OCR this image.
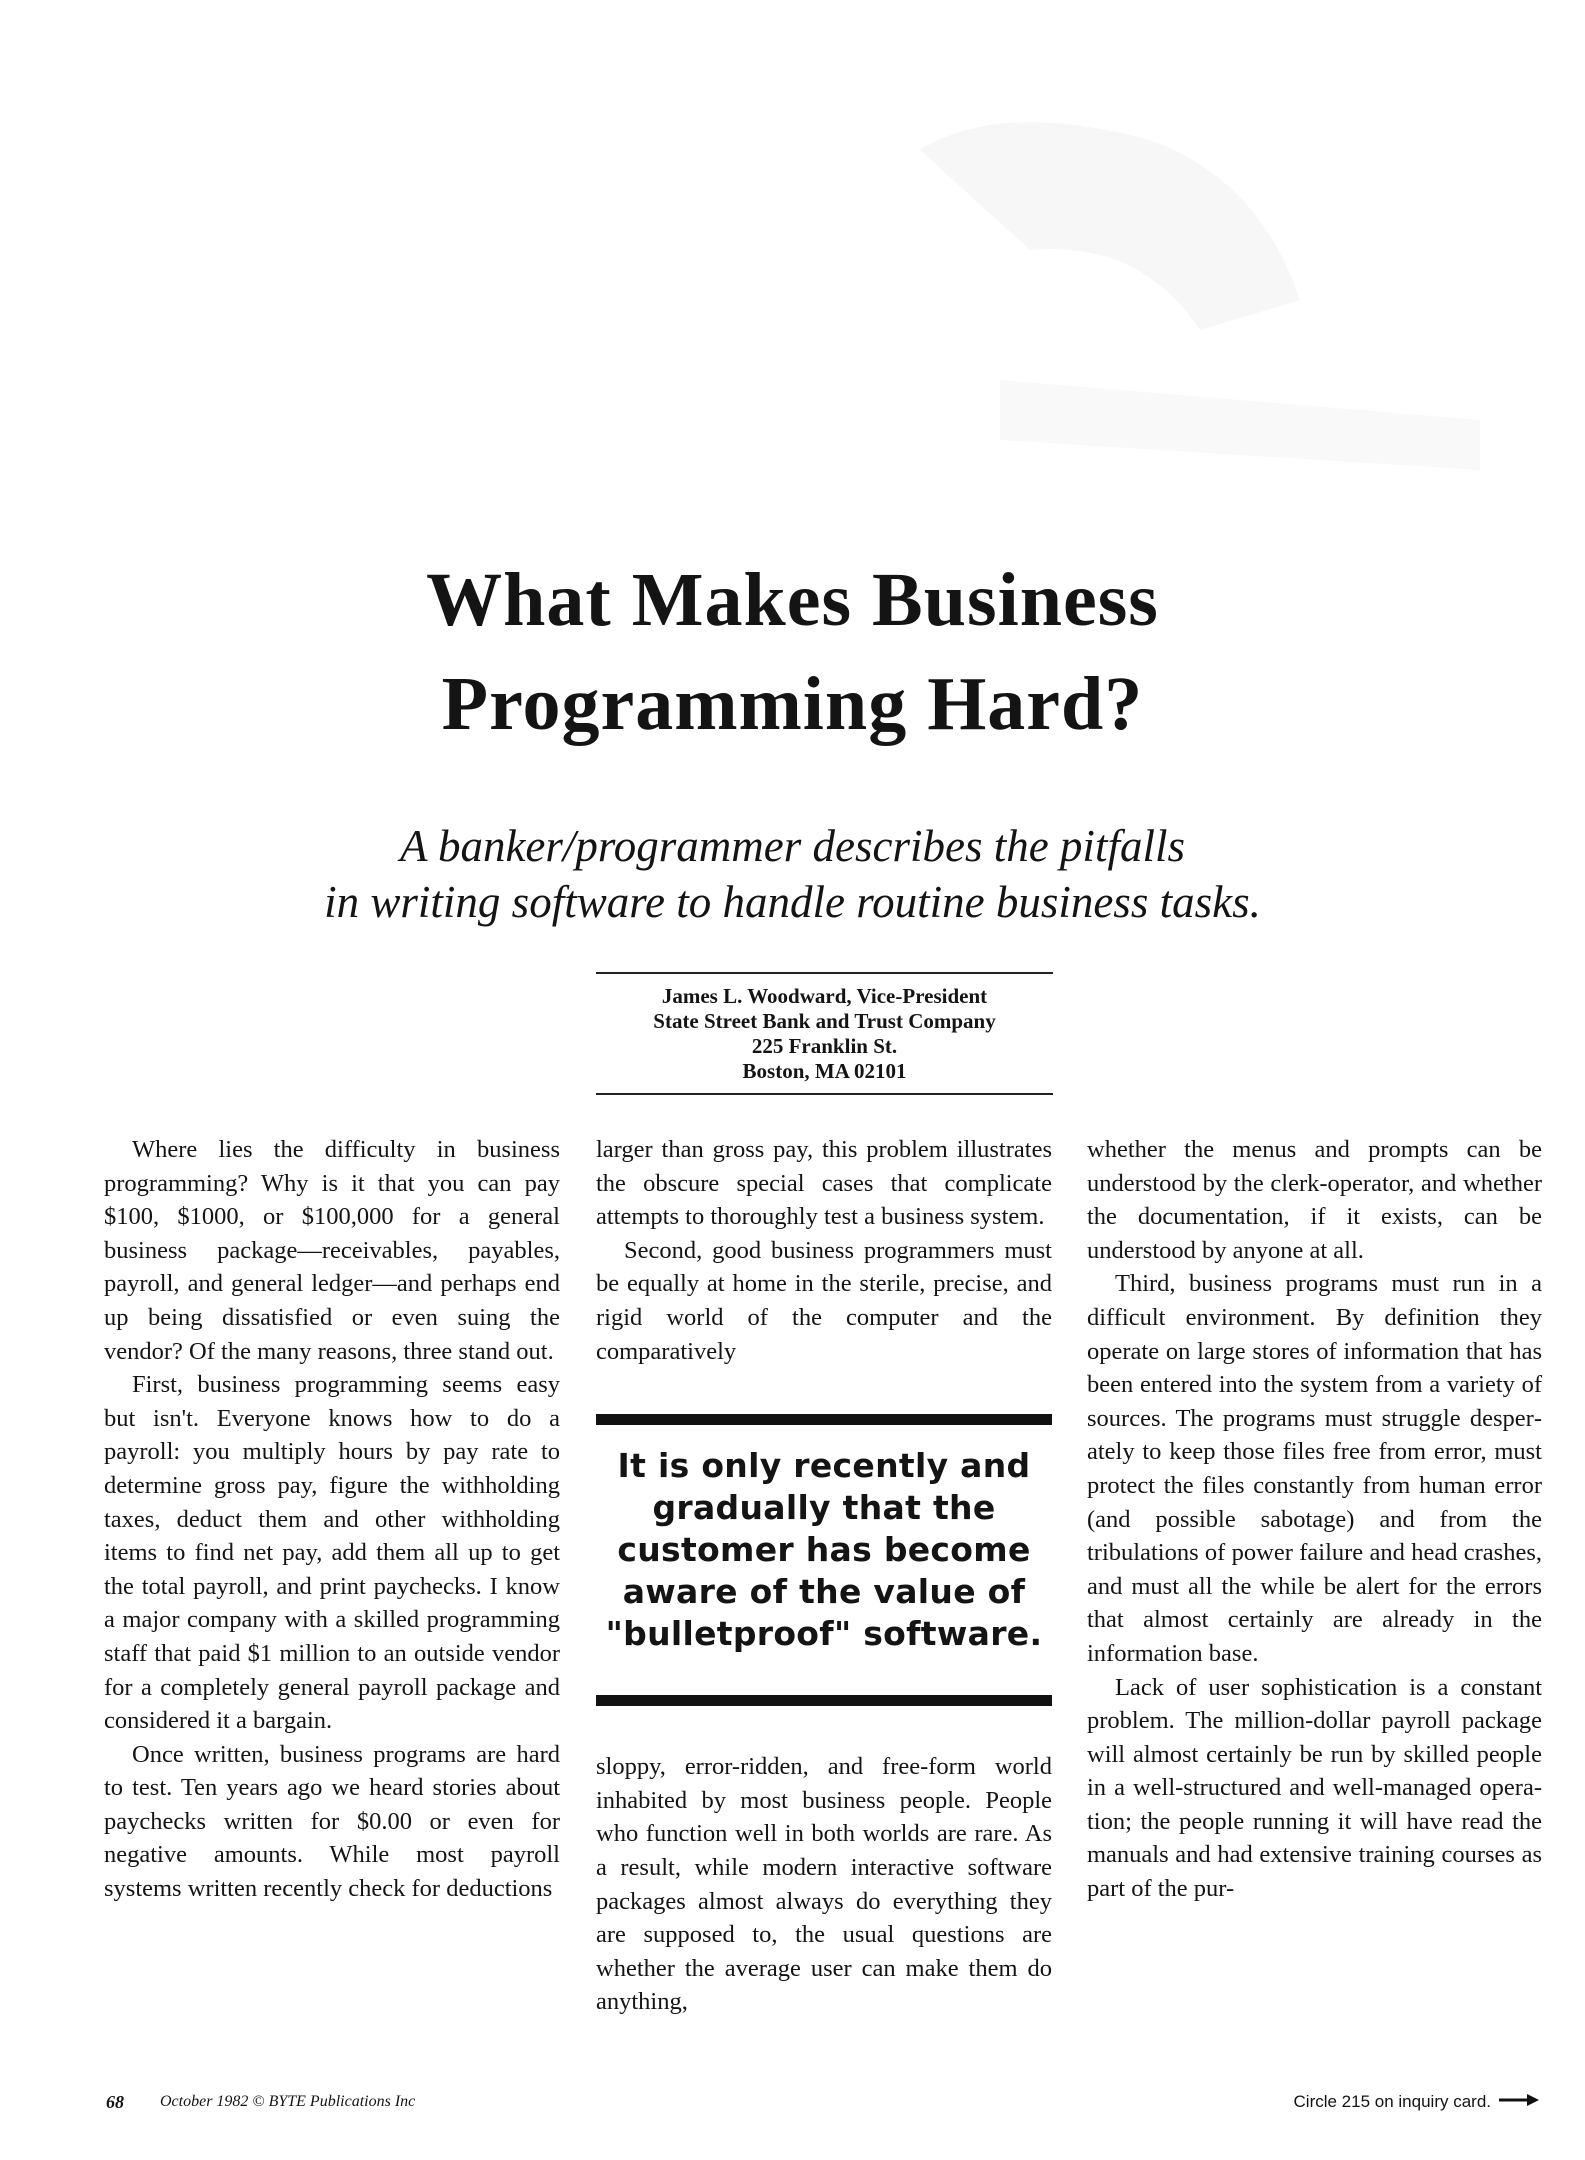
What Makes Business
Programming Hard?
A banker/programmer describes the pitfalls
in writing software to handle routine business tasks.
James L. Woodward, Vice-President
State Street Bank and Trust Company
225 Franklin St.
Boston, MA 02101

Where lies the difficulty in business programming? Why is it that you can pay $100, $1000, or $100,000 for a general business package—receivables, payables, payroll, and general ledger—and perhaps end up being dissatisfied or even suing the vendor? Of the many reasons, three stand out.

First, business programming seems easy but isn't. Everyone knows how to do a payroll: you multiply hours by pay rate to determine gross pay, figure the withholding taxes, deduct them and other withholding items to find net pay, add them all up to get the total payroll, and print paychecks. I know a major company with a skilled programming staff that paid $1 million to an outside vendor for a completely general payroll package and considered it a bargain.

Once written, business programs are hard to test. Ten years ago we heard stories about paychecks written for $0.00 or even for negative amounts. While most payroll systems written recently check for deductions

larger than gross pay, this problem illustrates the obscure special cases that complicate attempts to thoroughly test a business system.

Second, good business programmers must be equally at home in the sterile, precise, and rigid world of the computer and the comparatively

It is only recently and gradually that the customer has become aware of the value of "bulletproof" software.

sloppy, error-ridden, and free-form world inhabited by most business people. People who function well in both worlds are rare. As a result, while modern interactive software packages almost always do everything they are supposed to, the usual questions are whether the average user can make them do anything,

whether the menus and prompts can be understood by the clerk-operator, and whether the documentation, if it exists, can be understood by anyone at all.

Third, business programs must run in a difficult environment. By definition they operate on large stores of information that has been entered into the system from a variety of sources. The programs must struggle desperately to keep those files free from error, must protect the files constantly from human error (and possible sabotage) and from the tribulations of power failure and head crashes, and must all the while be alert for the errors that almost certainly are already in the information base.

Lack of user sophistication is a constant problem. The million-dollar payroll package will almost certainly be run by skilled people in a well-structured and well-managed operation; the people running it will have read the manuals and had extensive training courses as part of the pur-

68 October 1982 © BYTE Publications Inc	Circle 215 on inquiry card.
